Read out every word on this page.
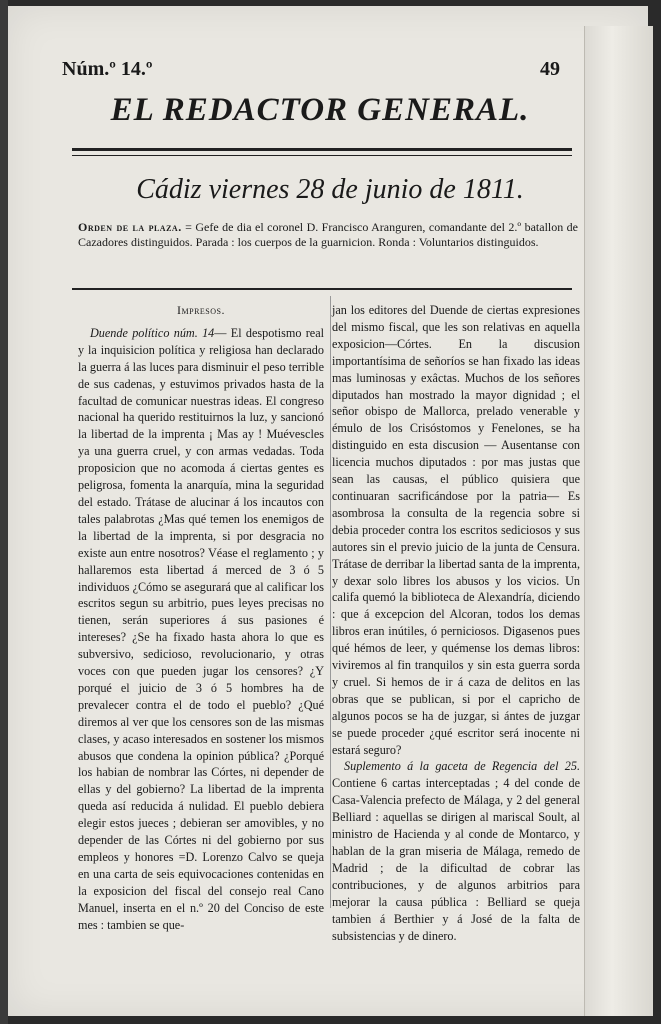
Núm.º 14.º	49
EL REDACTOR GENERAL.
Cádiz viernes 28 de junio de 1811.
Orden de la plaza. = Gefe de dia el coronel D. Francisco Aranguren, comandante del 2.º batallon de Cazadores distinguidos. Parada : los cuerpos de la guarnicion. Ronda : Voluntarios distinguidos.
Impresos.

Duende político núm. 14— El despotismo real y la inquisicion política y religiosa han declarado la guerra á las luces para disminuir el peso terrible de sus cadenas, y estuvimos privados hasta de la facultad de comunicar nuestras ideas. El congreso nacional ha querido restituirnos la luz, y sancionó la libertad de la imprenta ¡ Mas ay ! Muévescles ya una guerra cruel, y con armas vedadas. Toda proposicion que no acomoda á ciertas gentes es peligrosa, fomenta la anarquía, mina la seguridad del estado. Trátase de alucinar á los incautos con tales palabrotas ¿Mas qué temen los enemigos de la libertad de la imprenta, si por desgracia no existe aun entre nosotros? Véase el reglamento ; y hallaremos esta libertad á merced de 3 ó 5 individuos ¿Cómo se asegurará que al calificar los escritos segun su arbitrio, pues leyes precisas no tienen, serán superiores á sus pasiones é intereses? ¿Se ha fixado hasta ahora lo que es subversivo, sedicioso, revolucionario, y otras voces con que pueden jugar los censores? ¿Y porqué el juicio de 3 ó 5 hombres ha de prevalecer contra el de todo el pueblo? ¿Qué diremos al ver que los censores son de las mismas clases, y acaso interesados en sostener los mismos abusos que condena la opinion pública? ¿Porqué los habian de nombrar las Córtes, ni depender de ellas y del gobierno? La libertad de la imprenta queda así reducida á nulidad. El pueblo debiera elegir estos jueces ; debieran ser amovibles, y no depender de las Córtes ni del gobierno por sus empleos y honores =D. Lorenzo Calvo se queja en una carta de seis equivocaciones contenidas en la exposicion del fiscal del consejo real Cano Manuel, inserta en el n.º 20 del Conciso de este mes : tambien se que-

jan los editores del Duende de ciertas expresiones del mismo fiscal, que les son relativas en aquella exposicion—Córtes. En la discusion importantísima de señoríos se han fixado las ideas mas luminosas y exâctas. Muchos de los señores diputados han mostrado la mayor dignidad ; el señor obispo de Mallorca, prelado venerable y émulo de los Crisóstomos y Fenelones, se ha distinguido en esta discusion — Ausentanse con licencia muchos diputados : por mas justas que sean las causas, el público quisiera que continuaran sacrificándose por la patria— Es asombrosa la consulta de la regencia sobre si debia proceder contra los escritos sediciosos y sus autores sin el previo juicio de la junta de Censura. Trátase de derribar la libertad santa de la imprenta, y dexar solo libres los abusos y los vicios. Un califa quemó la biblioteca de Alexandría, diciendo : que á excepcion del Alcoran, todos los demas libros eran inútiles, ó perniciosos. Digasenos pues qué hémos de leer, y quémense los demas libros: viviremos al fin tranquilos y sin esta guerra sorda y cruel. Si hemos de ir á caza de delitos en las obras que se publican, si por el capricho de algunos pocos se ha de juzgar, si ántes de juzgar se puede proceder ¿qué escritor será inocente ni estará seguro?

Suplemento á la gaceta de Regencia del 25. Contiene 6 cartas interceptadas ; 4 del conde de Casa-Valencia prefecto de Málaga, y 2 del general Belliard : aquellas se dirigen al mariscal Soult, al ministro de Hacienda y al conde de Montarco, y hablan de la gran miseria de Málaga, remedo de Madrid ; de la dificultad de cobrar las contribuciones, y de algunos arbitrios para mejorar la causa pública : Belliard se queja tambien á Berthier y á José de la falta de subsistencias y de dinero.
